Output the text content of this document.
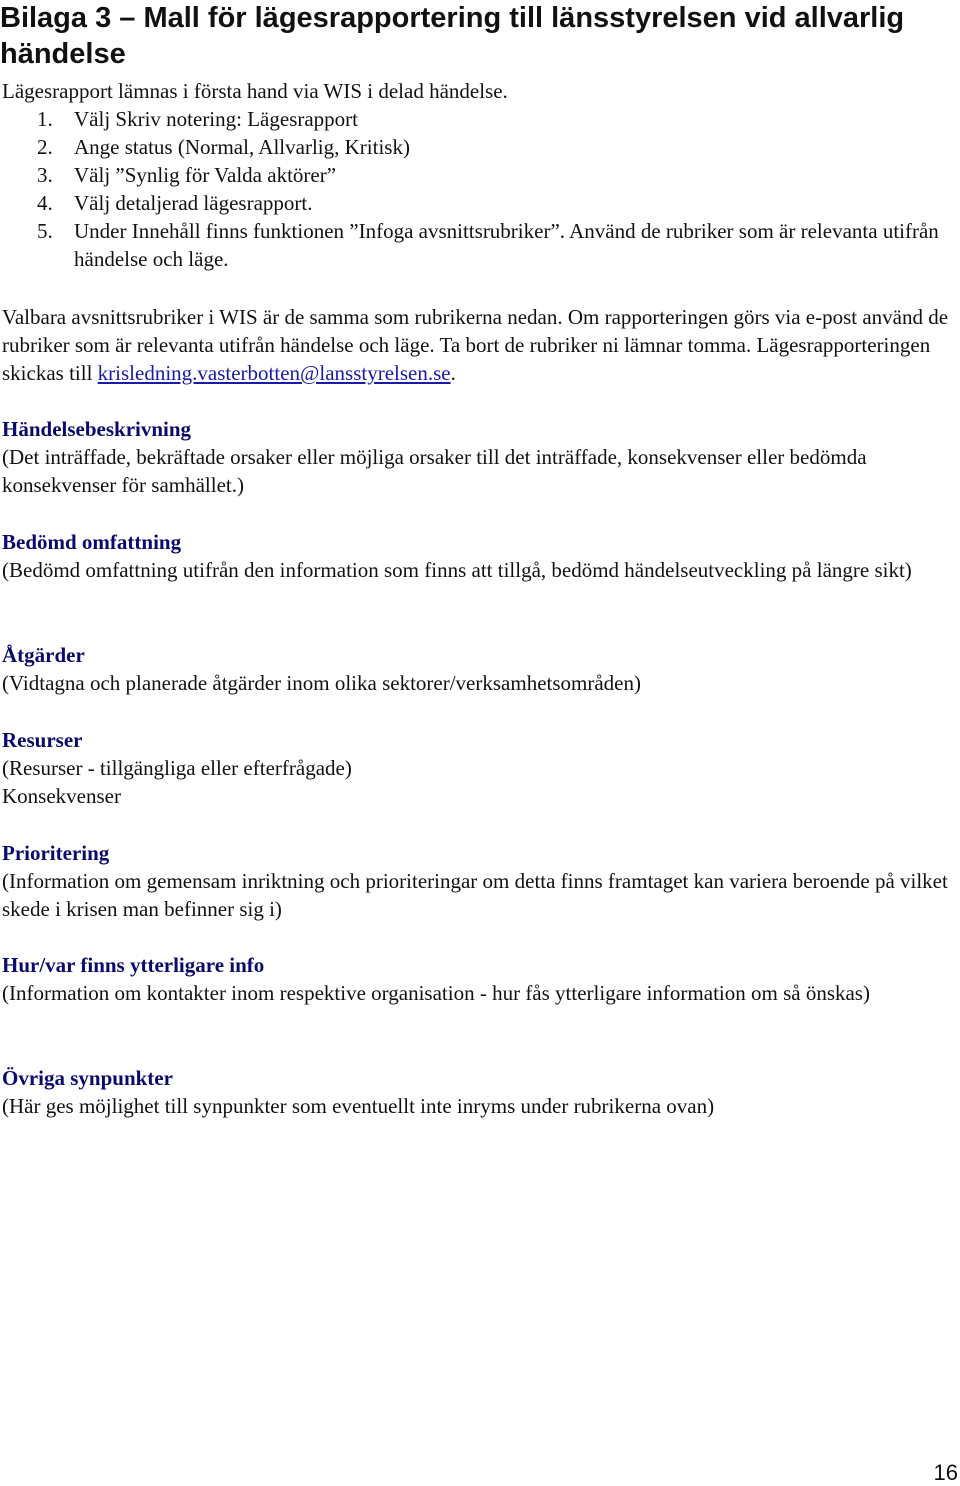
Bilaga 3 – Mall för lägesrapportering till länsstyrelsen vid allvarlig händelse

Lägesrapport lämnas i första hand via WIS i delad händelse.

1. Välj Skriv notering: Lägesrapport
2. Ange status (Normal, Allvarlig, Kritisk)
3. Välj ”Synlig för Valda aktörer”
4. Välj detaljerad lägesrapport.
5. Under Innehåll finns funktionen ”Infoga avsnittsrubriker”. Använd de rubriker som är relevanta utifrån händelse och läge.

Valbara avsnittsrubriker i WIS är de samma som rubrikerna nedan. Om rapporteringen görs via e-post använd de rubriker som är relevanta utifrån händelse och läge. Ta bort de rubriker ni lämnar tomma. Lägesrapporteringen skickas till krisledning.vasterbotten@lansstyrelsen.se.

Händelsebeskrivning

(Det inträffade, bekräftade orsaker eller möjliga orsaker till det inträffade, konsekvenser eller bedömda konsekvenser för samhället.)

Bedömd omfattning

(Bedömd omfattning utifrån den information som finns att tillgå, bedömd händelseutveckling på längre sikt)

Åtgärder

(Vidtagna och planerade åtgärder inom olika sektorer/verksamhetsområden)

Resurser

(Resurser - tillgängliga eller efterfrågade)

Konsekvenser

Prioritering

(Information om gemensam inriktning och prioriteringar om detta finns framtaget kan variera beroende på vilket skede i krisen man befinner sig i)

Hur/var finns ytterligare info

(Information om kontakter inom respektive organisation - hur fås ytterligare information om så önskas)

Övriga synpunkter

(Här ges möjlighet till synpunkter som eventuellt inte inryms under rubrikerna ovan)

16
